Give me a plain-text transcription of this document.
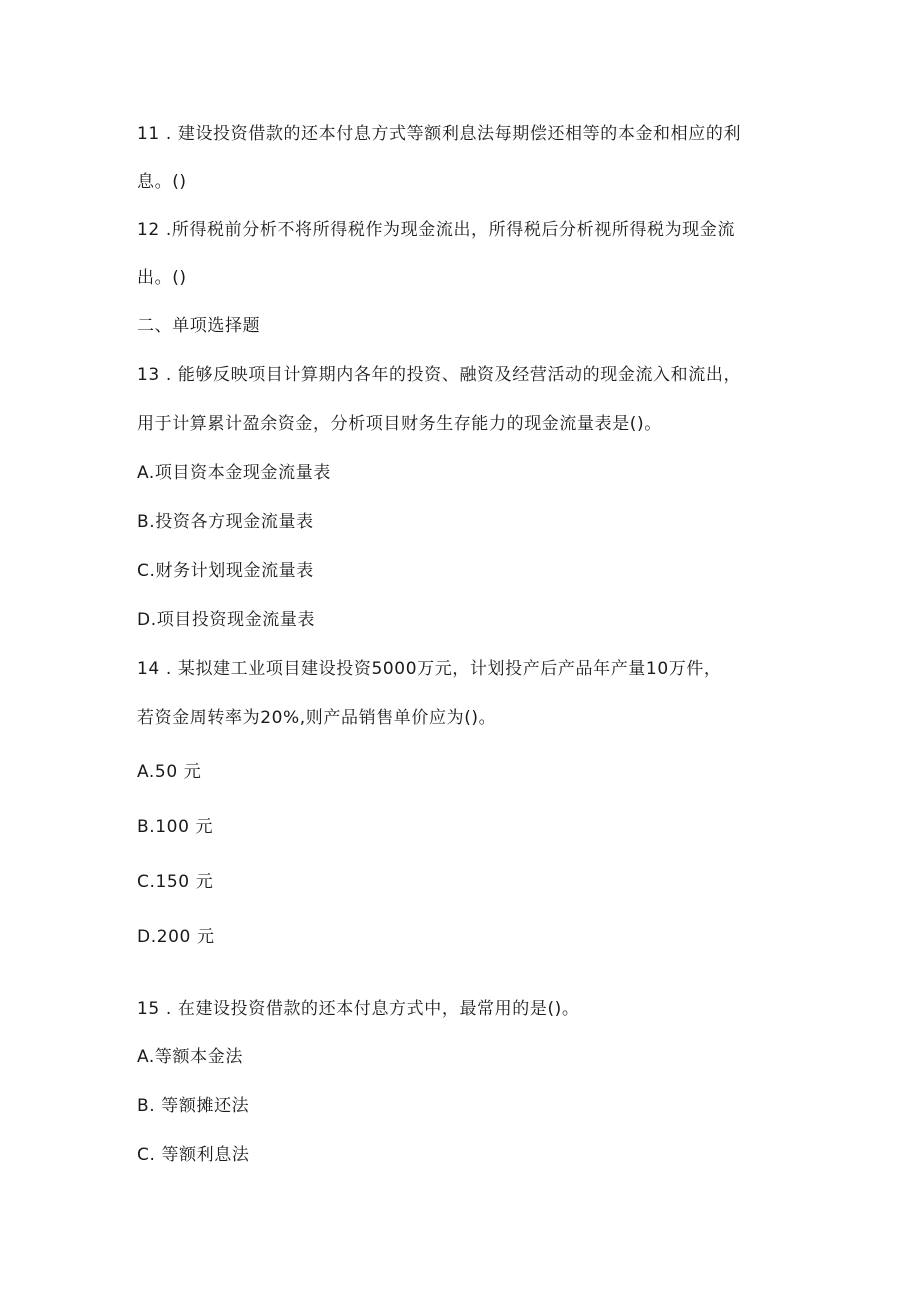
11 . 建设投资借款的还本付息方式等额利息法每期偿还相等的本金和相应的利
息。()
12 .所得税前分析不将所得税作为现金流出，所得税后分析视所得税为现金流
出。()
二、单项选择题
13 . 能够反映项目计算期内各年的投资、融资及经营活动的现金流入和流出，
用于计算累计盈余资金，分析项目财务生存能力的现金流量表是()。
A.项目资本金现金流量表
B.投资各方现金流量表
C.财务计划现金流量表
D.项目投资现金流量表
14 . 某拟建工业项目建设投资5000万元，计划投产后产品年产量10万件，
若资金周转率为20%,则产品销售单价应为()。
A.50 元
B.100 元
C.150 元
D.200 元
15 . 在建设投资借款的还本付息方式中，最常用的是()。
A.等额本金法
B. 等额摊还法
C. 等额利息法
